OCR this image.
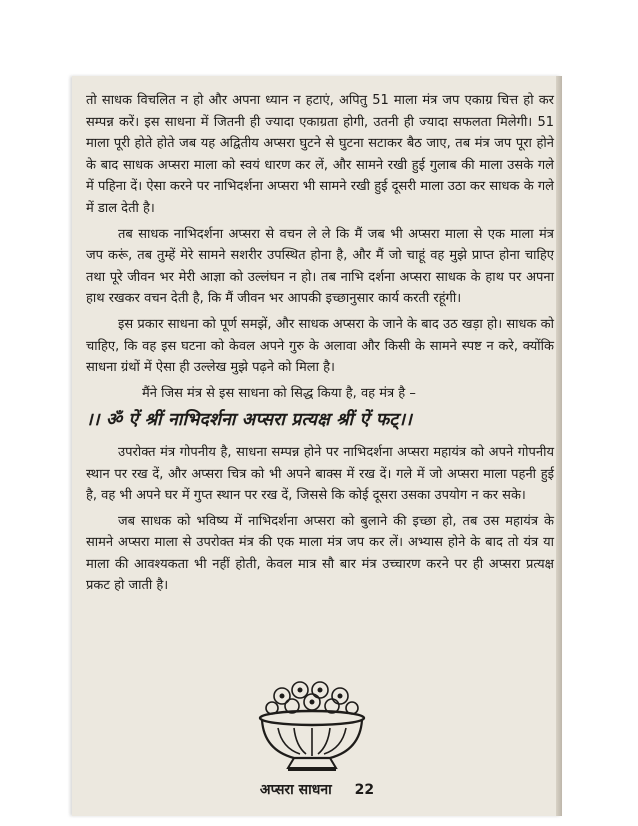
तो साधक विचलित न हो और अपना ध्यान न हटाएं, अपितु 51 माला मंत्र जप एकाग्र चित्त हो कर सम्पन्न करें। इस साधना में जितनी ही ज्यादा एकाग्रता होगी, उतनी ही ज्यादा सफलता मिलेगी। 51 माला पूरी होते होते जब यह अद्वितीय अप्सरा घुटने से घुटना सटाकर बैठ जाए, तब मंत्र जप पूरा होने के बाद साधक अप्सरा माला को स्वयं धारण कर लें, और सामने रखी हुई गुलाब की माला उसके गले में पहिना दें। ऐसा करने पर नाभिदर्शना अप्सरा भी सामने रखी हुई दूसरी माला उठा कर साधक के गले में डाल देती है।

तब साधक नाभिदर्शना अप्सरा से वचन ले ले कि मैं जब भी अप्सरा माला से एक माला मंत्र जप करूं, तब तुम्हें मेरे सामने सशरीर उपस्थित होना है, और मैं जो चाहूं वह मुझे प्राप्त होना चाहिए तथा पूरे जीवन भर मेरी आज्ञा को उल्लंघन न हो। तब नाभि दर्शना अप्सरा साधक के हाथ पर अपना हाथ रखकर वचन देती है, कि मैं जीवन भर आपकी इच्छानुसार कार्य करती रहूंगी।

इस प्रकार साधना को पूर्ण समझें, और साधक अप्सरा के जाने के बाद उठ खड़ा हो। साधक को चाहिए, कि वह इस घटना को केवल अपने गुरु के अलावा और किसी के सामने स्पष्ट न करे, क्योंकि साधना ग्रंथों में ऐसा ही उल्लेख मुझे पढ़ने को मिला है।

मैंने जिस मंत्र से इस साधना को सिद्ध किया है, वह मंत्र है –

।। ॐ ऐं श्रीं नाभिदर्शना अप्सरा प्रत्यक्ष श्रीं ऐं फट्।।

उपरोक्त मंत्र गोपनीय है, साधना सम्पन्न होने पर नाभिदर्शना अप्सरा महायंत्र को अपने गोपनीय स्थान पर रख दें, और अप्सरा चित्र को भी अपने बाक्स में रख दें। गले में जो अप्सरा माला पहनी हुई है, वह भी अपने घर में गुप्त स्थान पर रख दें, जिससे कि कोई दूसरा उसका उपयोग न कर सके।

जब साधक को भविष्य में नाभिदर्शना अप्सरा को बुलाने की इच्छा हो, तब उस महायंत्र के सामने अप्सरा माला से उपरोक्त मंत्र की एक माला मंत्र जप कर लें। अभ्यास होने के बाद तो यंत्र या माला की आवश्यकता भी नहीं होती, केवल मात्र सौ बार मंत्र उच्चारण करने पर ही अप्सरा प्रत्यक्ष प्रकट हो जाती है।

अप्सरा साधना 22
